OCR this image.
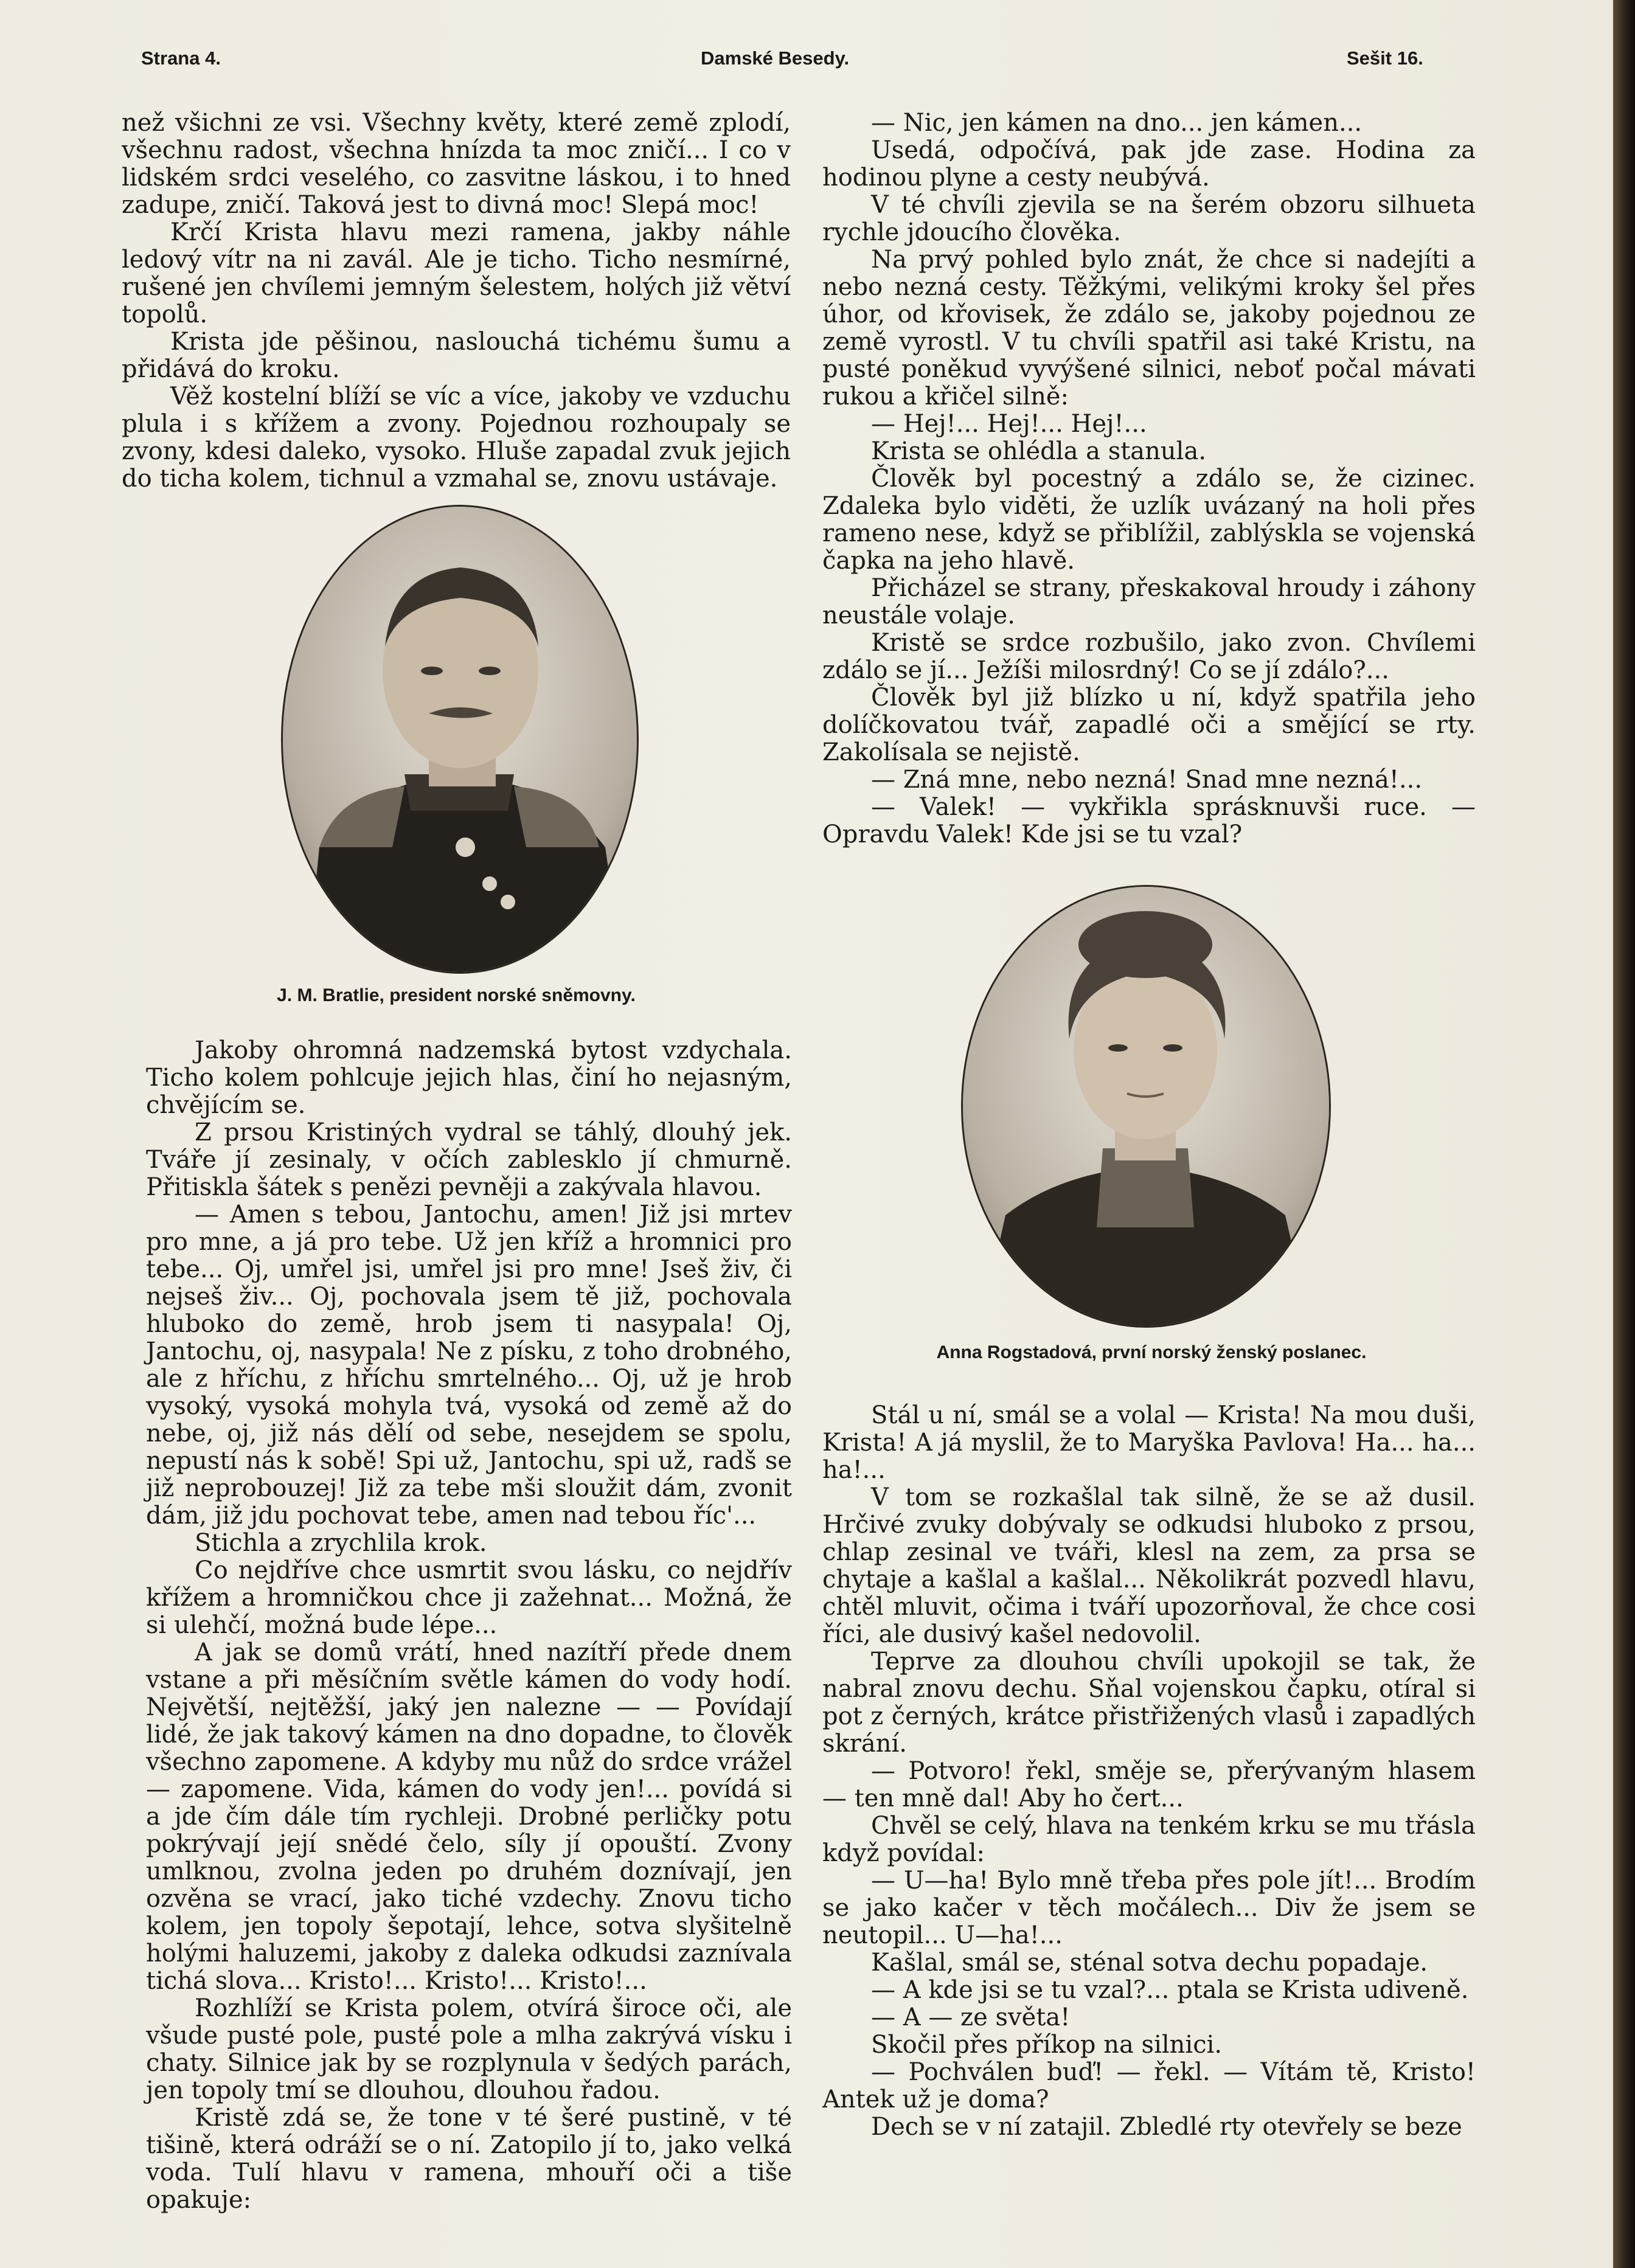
Strana 4.	Damské Besedy.	Sešit 16.

než všichni ze vsi. Všechny květy, které země zplodí, všechnu radost, všechna hnízda ta moc zničí... I co v lidském srdci veselého, co zasvitne láskou, i to hned zadupe, zničí. Taková jest to divná moc! Slepá moc!

Krčí Krista hlavu mezi ramena, jakby náhle ledový vítr na ni zavál. Ale je ticho. Ticho nesmírné, rušené jen chvílemi jemným šelestem, holých již větví topolů.

Krista jde pěšinou, naslouchá tichému šumu a přidává do kroku.

Věž kostelní blíží se víc a více, jakoby ve vzduchu plula i s křížem a zvony. Pojednou rozhoupaly se zvony, kdesi daleko, vysoko. Hluše zapadal zvuk jejich do ticha kolem, tichnul a vzmahal se, znovu ustávaje.

J. M. Bratlie, president norské sněmovny.

— Nic, jen kámen na dno... jen kámen...

Usedá, odpočívá, pak jde zase. Hodina za hodinou plyne a cesty neubývá.

V té chvíli zjevila se na šerém obzoru silhueta rychle jdoucího člověka.

Na prvý pohled bylo znát, že chce si nadejíti a nebo nezná cesty. Těžkými, velikými kroky šel přes úhor, od křovisek, že zdálo se, jakoby pojednou ze země vyrostl. V tu chvíli spatřil asi také Kristu, na pusté poněkud vyvýšené silnici, neboť počal mávati rukou a křičel silně:

— Hej!... Hej!... Hej!...

Krista se ohlédla a stanula.

Člověk byl pocestný a zdálo se, že cizinec. Zdaleka bylo viděti, že uzlík uvázaný na holi přes rameno nese, když se přiblížil, zablýskla se vojenská čapka na jeho hlavě.

Přicházel se strany, přeskakoval hroudy i záhony neustále volaje.

Kristě se srdce rozbušilo, jako zvon. Chvílemi zdálo se jí... Ježíši milosrdný! Co se jí zdálo?...

Člověk byl již blízko u ní, když spatřila jeho dolíčkovatou tvář, zapadlé oči a smějící se rty. Zakolísala se nejistě.

— Zná mne, nebo nezná! Snad mne nezná!...

— Valek! — vykřikla sprásknuvši ruce. — Opravdu Valek! Kde jsi se tu vzal?

Anna Rogstadová, první norský ženský poslanec.

Jakoby ohromná nadzemská bytost vzdychala. Ticho kolem pohlcuje jejich hlas, činí ho nejasným, chvějícím se.

Z prsou Kristiných vydral se táhlý, dlouhý jek. Tváře jí zesinaly, v očích zablesklo jí chmurně. Přitiskla šátek s penězi pevněji a zakývala hlavou.

— Amen s tebou, Jantochu, amen! Již jsi mrtev pro mne, a já pro tebe. Už jen kříž a hromnici pro tebe... Oj, umřel jsi, umřel jsi pro mne! Jseš živ, či nejseš živ... Oj, pochovala jsem tě již, pochovala hluboko do země, hrob jsem ti nasypala! Oj, Jantochu, oj, nasypala! Ne z písku, z toho drobného, ale z hříchu, z hříchu smrtelného... Oj, už je hrob vysoký, vysoká mohyla tvá, vysoká od země až do nebe, oj, již nás dělí od sebe, nesejdem se spolu, nepustí nás k sobě! Spi už, Jantochu, spi už, radš se již neprobouzej! Již za tebe mši sloužit dám, zvonit dám, již jdu pochovat tebe, amen nad tebou říc'...

Stichla a zrychlila krok.

Co nejdříve chce usmrtit svou lásku, co nejdřív křížem a hromničkou chce ji zažehnat... Možná, že si ulehčí, možná bude lépe...

A jak se domů vrátí, hned nazítří přede dnem vstane a při měsíčním světle kámen do vody hodí. Největší, nejtěžší, jaký jen nalezne — — Povídají lidé, že jak takový kámen na dno dopadne, to člověk všechno zapomene. A kdyby mu nůž do srdce vrážel — zapomene. Vida, kámen do vody jen!... povídá si a jde čím dále tím rychleji. Drobné perličky potu pokrývají její snědé čelo, síly jí opouští. Zvony umlknou, zvolna jeden po druhém doznívají, jen ozvěna se vrací, jako tiché vzdechy. Znovu ticho kolem, jen topoly šepotají, lehce, sotva slyšitelně holými haluzemi, jakoby z daleka odkudsi zaznívala tichá slova... Kristo!... Kristo!... Kristo!...

Rozhlíží se Krista polem, otvírá široce oči, ale všude pusté pole, pusté pole a mlha zakrývá vísku i chaty. Silnice jak by se rozplynula v šedých parách, jen topoly tmí se dlouhou, dlouhou řadou.

Kristě zdá se, že tone v té šeré pustině, v té tišině, která odráží se o ní. Zatopilo jí to, jako velká voda. Tulí hlavu v ramena, mhouří oči a tiše opakuje:

Stál u ní, smál se a volal — Krista! Na mou duši, Krista! A já myslil, že to Maryška Pavlova! Ha... ha... ha!...

V tom se rozkašlal tak silně, že se až dusil. Hrčivé zvuky dobývaly se odkudsi hluboko z prsou, chlap zesinal ve tváři, klesl na zem, za prsa se chytaje a kašlal a kašlal... Několikrát pozvedl hlavu, chtěl mluvit, očima i tváří upozorňoval, že chce cosi říci, ale dusivý kašel nedovolil.

Teprve za dlouhou chvíli upokojil se tak, že nabral znovu dechu. Sňal vojenskou čapku, otíral si pot z černých, krátce přistřižených vlasů i zapadlých skrání.

— Potvoro! řekl, směje se, přerývaným hlasem — ten mně dal! Aby ho čert...

Chvěl se celý, hlava na tenkém krku se mu třásla když povídal:

— U—ha! Bylo mně třeba přes pole jít!... Brodím se jako kačer v těch močálech... Div že jsem se neutopil... U—ha!...

Kašlal, smál se, sténal sotva dechu popadaje.

— A kde jsi se tu vzal?... ptala se Krista udiveně.

— A — ze světa!

Skočil přes příkop na silnici.

— Pochválen buď! — řekl. — Vítám tě, Kristo! Antek už je doma?

Dech se v ní zatajil. Zbledlé rty otevřely se beze
